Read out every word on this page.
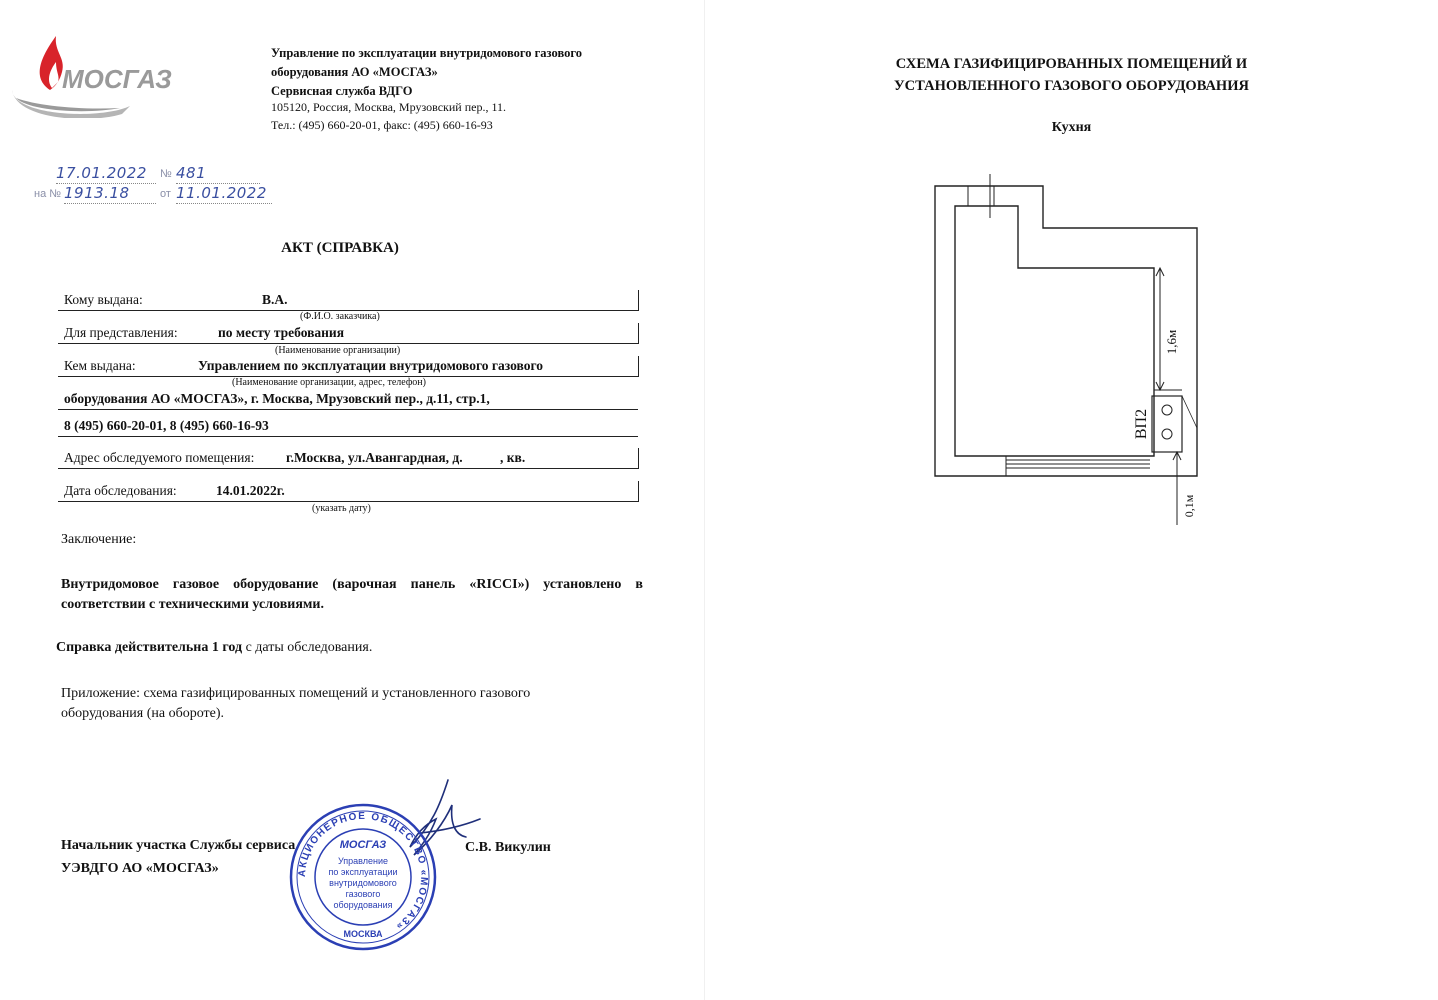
МОСГАЗ
Управление по эксплуатации внутридомового газового
оборудования АО «МОСГАЗ»
Сервисная служба ВДГО
105120, Россия, Москва, Мрузовский пер., 11.
Тел.: (495) 660-20-01, факс: (495) 660-16-93
17.01.2022	№ 481
на № 1913.18	от 11.01.2022
АКТ (СПРАВКА)
Кому выдана:	В.А.
(Ф.И.О. заказчика)
Для представления:	по месту требования
(Наименование организации)
Кем выдана:	Управлением по эксплуатации внутридомового газового
(Наименование организации, адрес, телефон)
оборудования АО «МОСГАЗ», г. Москва, Мрузовский пер., д.11, стр.1,
8 (495) 660-20-01, 8 (495) 660-16-93
Адрес обследуемого помещения: г.Москва, ул.Авангардная, д.	, кв.
Дата обследования:	14.01.2022г.
(указать дату)
Заключение:
Внутридомовое газовое оборудование (варочная панель «RICCI») установлено в соответствии с техническими условиями.
Справка действительна 1 год с даты обследования.
Приложение: схема газифицированных помещений и установленного газового
оборудования (на обороте).
Начальник участка Службы сервиса
УЭВДГО АО «МОСГАЗ»
С.В. Викулин
АКЦИОНЕРНОЕ ОБЩЕСТВО «МОСГАЗ»
МОСГАЗ
Управление
по эксплуатации
внутридомового
газового
оборудования
МОСКВА
СХЕМА ГАЗИФИЦИРОВАННЫХ ПОМЕЩЕНИЙ И
УСТАНОВЛЕННОГО ГАЗОВОГО ОБОРУДОВАНИЯ
Кухня
1,6м
ВП2
0,1м
